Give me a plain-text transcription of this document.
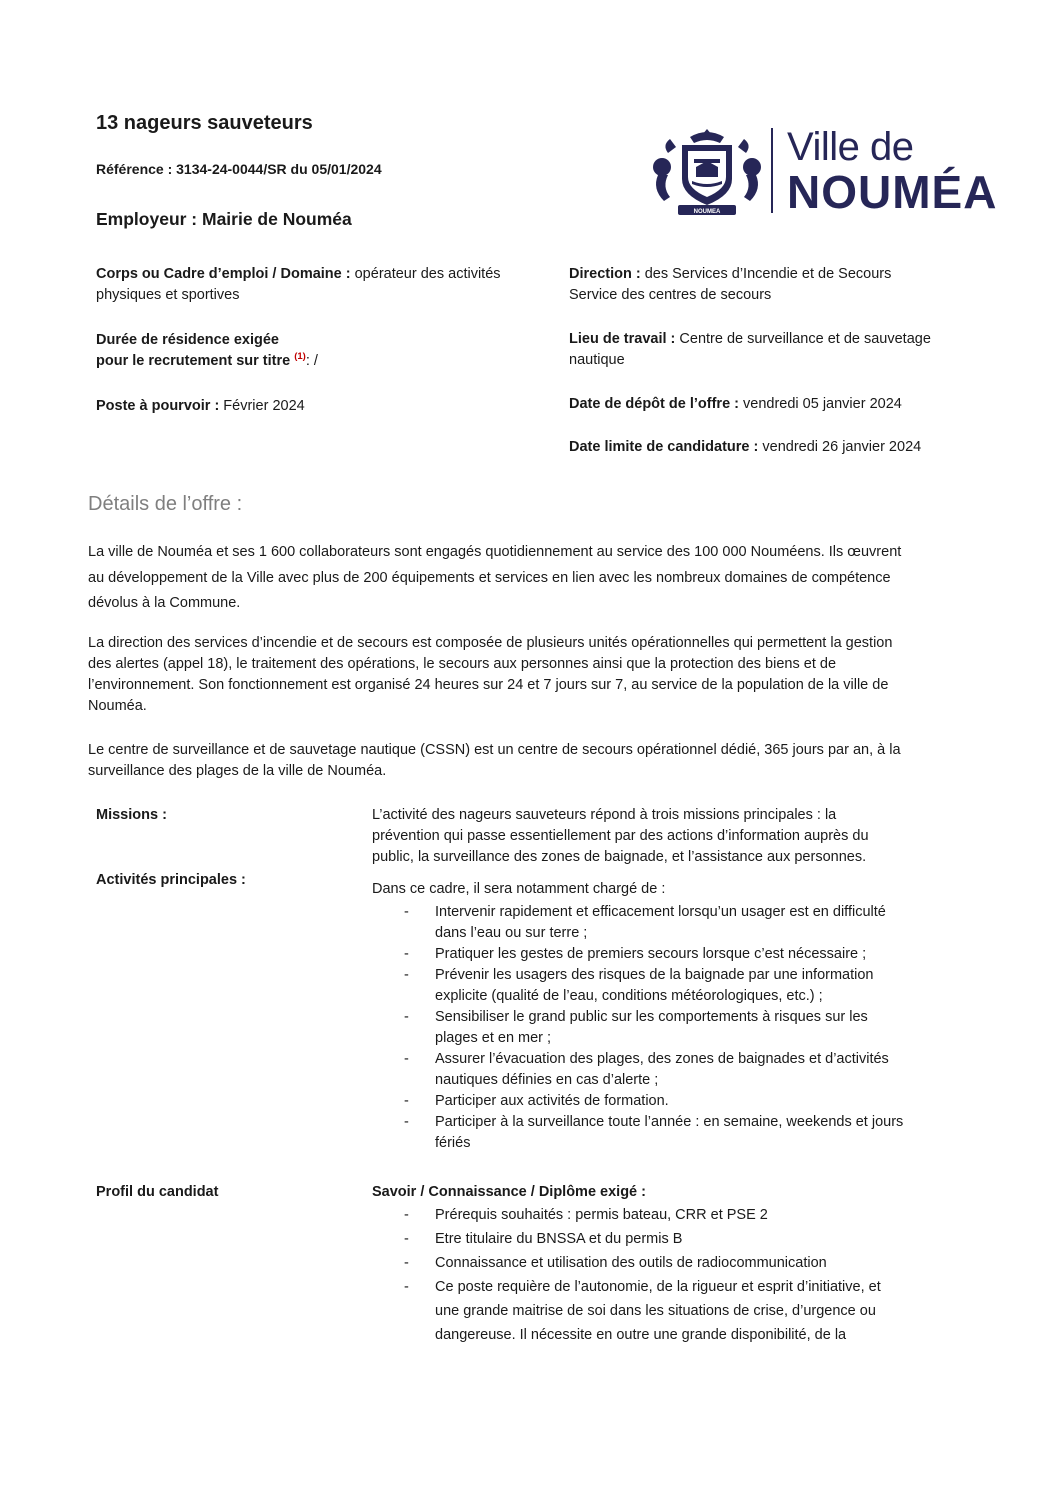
13 nageurs sauveteurs
Référence : 3134-24-0044/SR du 05/01/2024
Employeur : Mairie de Nouméa	NOUMEA
Ville de
NOUMÉA
Corps ou Cadre d’emploi / Domaine : opérateur des activités
physiques et sportives
Durée de résidence exigée
pour le recrutement sur titre $^{(1)}$: /
Poste à pourvoir : Février 2024
Direction : des Services d’Incendie et de Secours
Service des centres de secours
Lieu de travail : Centre de surveillance et de sauvetage
nautique
Date de dépôt de l’offre : vendredi 05 janvier 2024
Date limite de candidature : vendredi 26 janvier 2024
Détails de l’offre :
La ville de Nouméa et ses 1 600 collaborateurs sont engagés quotidiennement au service des 100 000 Nouméens. Ils œuvrent
au développement de la Ville avec plus de 200 équipements et services en lien avec les nombreux domaines de compétence
dévolus à la Commune.
La direction des services d’incendie et de secours est composée de plusieurs unités opérationnelles qui permettent la gestion
des alertes (appel 18), le traitement des opérations, le secours aux personnes ainsi que la protection des biens et de
l’environnement. Son fonctionnement est organisé 24 heures sur 24 et 7 jours sur 7, au service de la population de la ville de
Nouméa.
Le centre de surveillance et de sauvetage nautique (CSSN) est un centre de secours opérationnel dédié, 365 jours par an, à la
surveillance des plages de la ville de Nouméa.
Missions :	L’activité des nageurs sauveteurs répond à trois missions principales : la
prévention qui passe essentiellement par des actions d’information auprès du
public, la surveillance des zones de baignade, et l’assistance aux personnes.
Activités principales :
Dans ce cadre, il sera notamment chargé de :
- Intervenir rapidement et efficacement lorsqu’un usager est en difficulté
dans l’eau ou sur terre ;
- Pratiquer les gestes de premiers secours lorsque c’est nécessaire ;
- Prévenir les usagers des risques de la baignade par une information
explicite (qualité de l’eau, conditions météorologiques, etc.) ;
- Sensibiliser le grand public sur les comportements à risques sur les
plages et en mer ;
- Assurer l’évacuation des plages, des zones de baignades et d’activités
nautiques définies en cas d’alerte ;
- Participer aux activités de formation.
- Participer à la surveillance toute l’année : en semaine, weekends et jours
fériés
Profil du candidat	Savoir / Connaissance / Diplôme exigé :
- Prérequis souhaités : permis bateau, CRR et PSE 2
- Etre titulaire du BNSSA et du permis B
- Connaissance et utilisation des outils de radiocommunication
- Ce poste requière de l’autonomie, de la rigueur et esprit d’initiative, et
une grande maitrise de soi dans les situations de crise, d’urgence ou
dangereuse. Il nécessite en outre une grande disponibilité, de la
